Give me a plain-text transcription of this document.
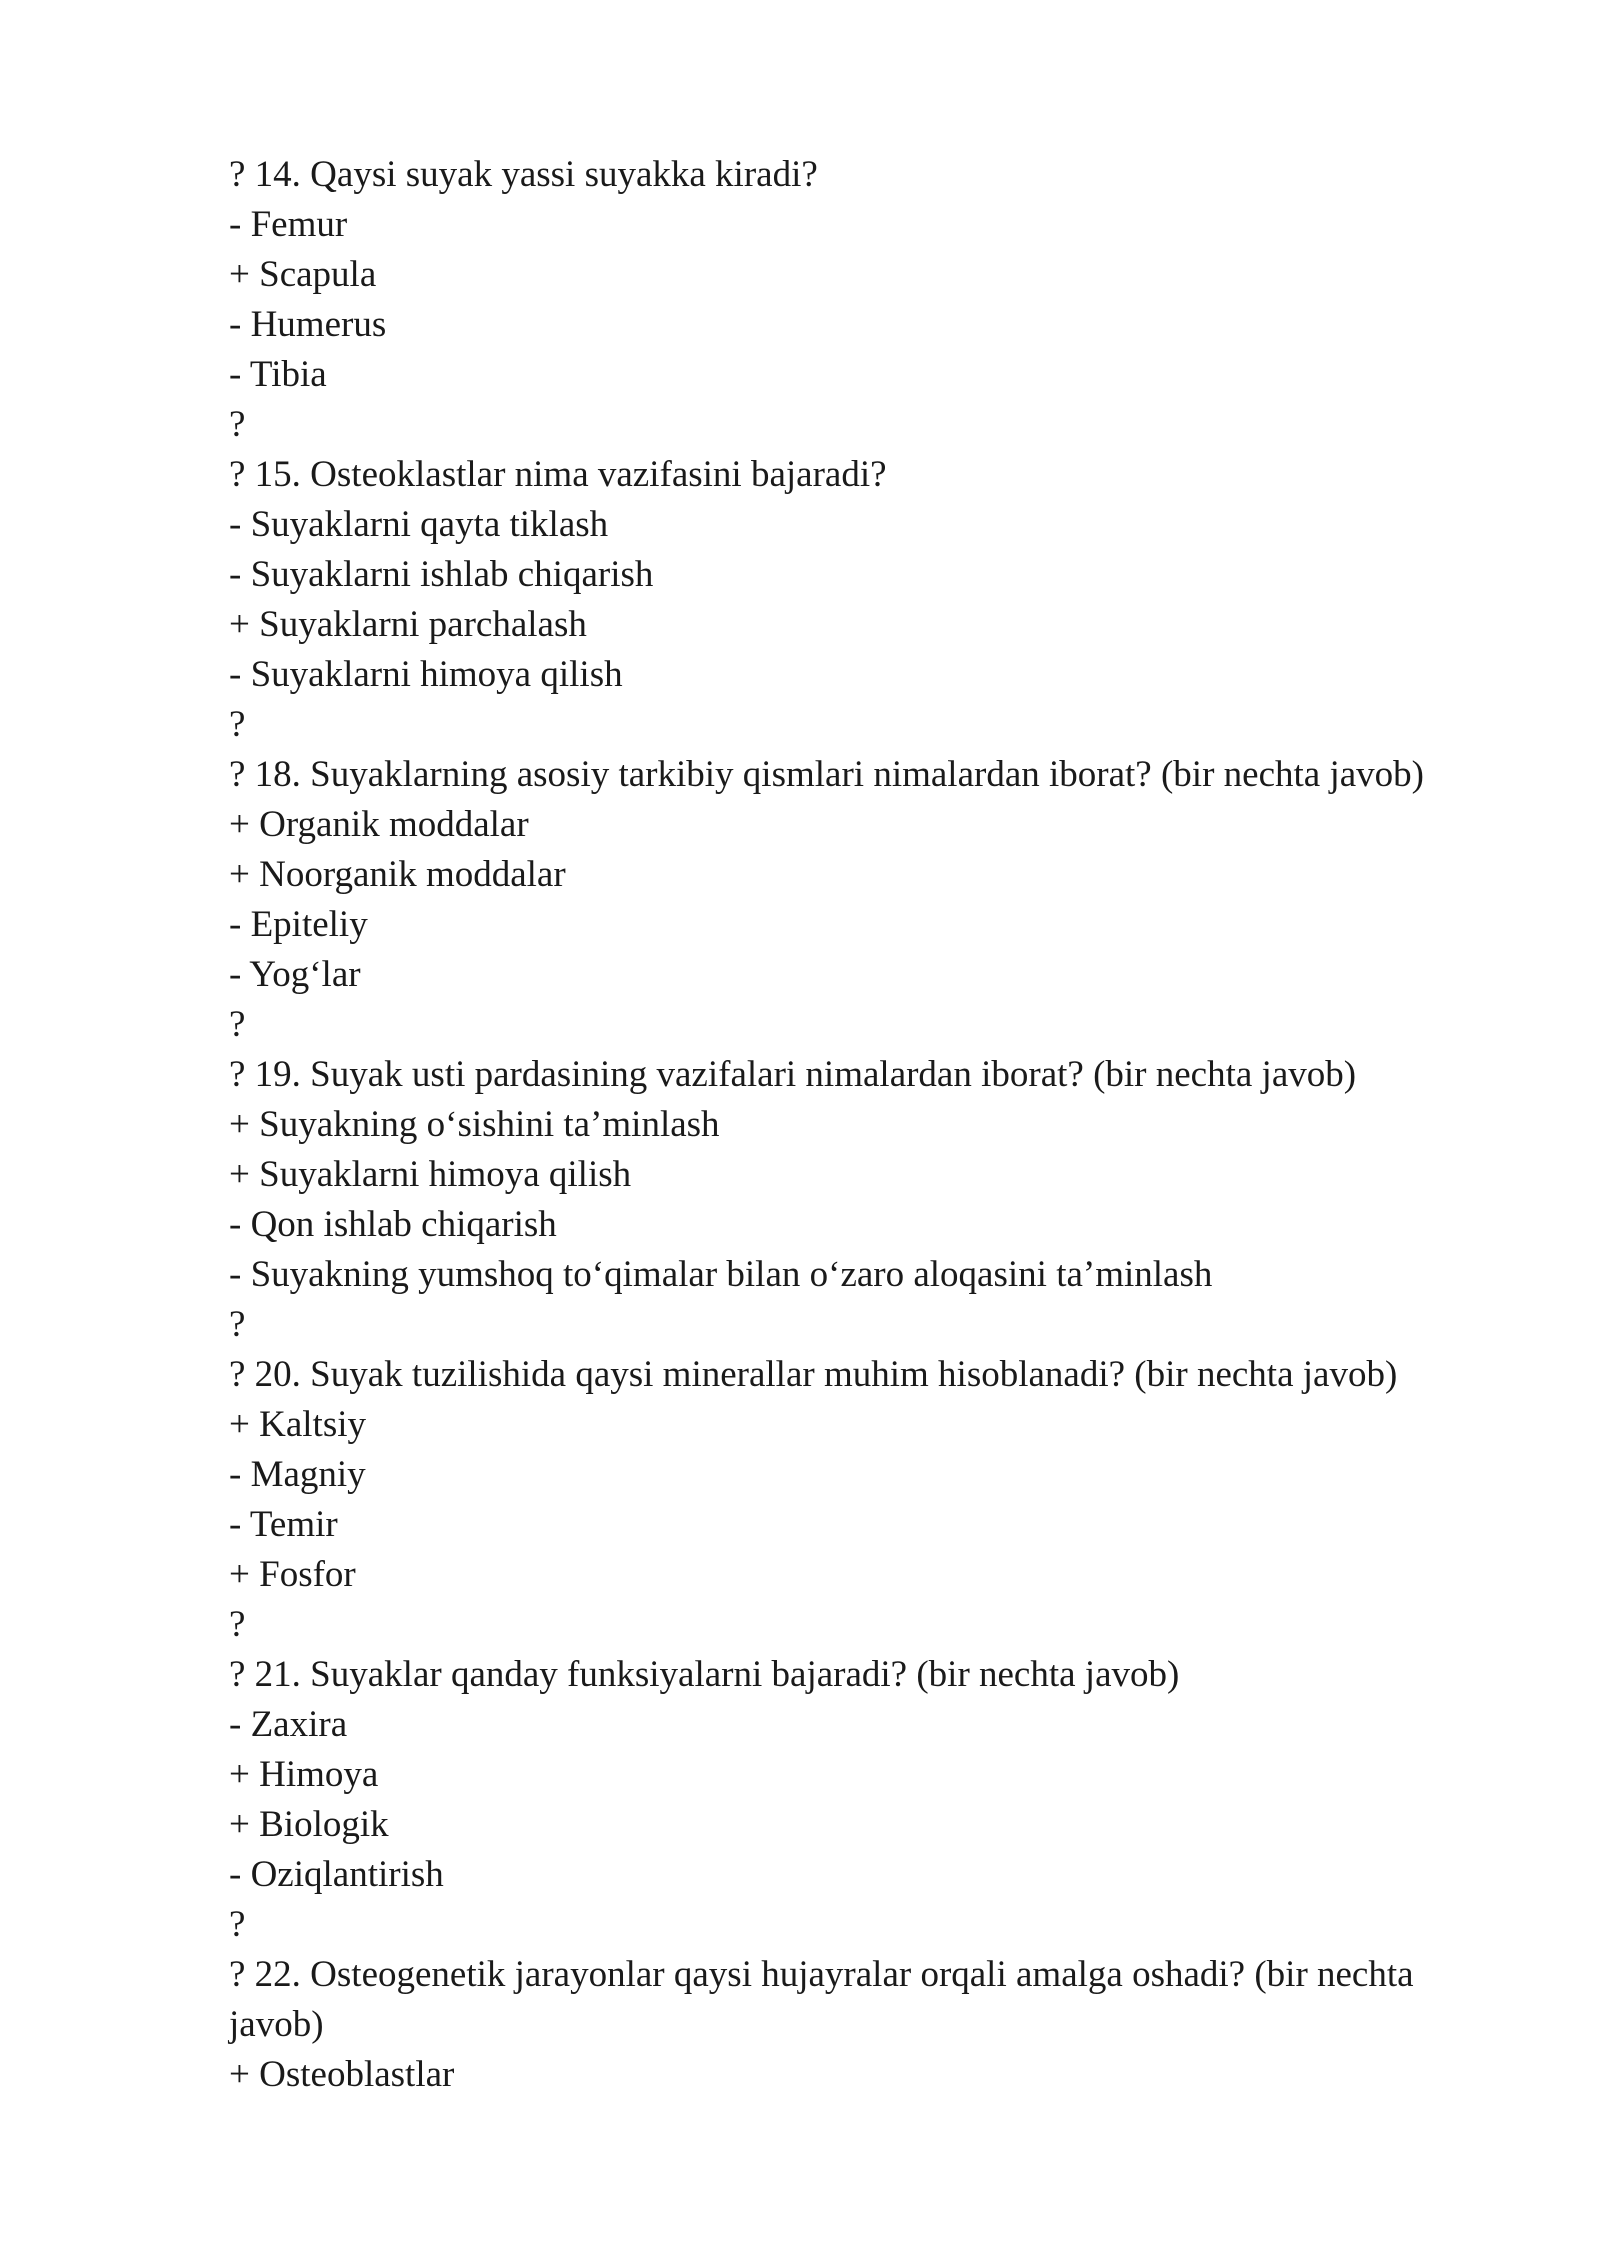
? 14. Qaysi suyak yassi suyakka kiradi?
- Femur
+ Scapula
- Humerus
- Tibia
?
? 15. Osteoklastlar nima vazifasini bajaradi?
- Suyaklarni qayta tiklash
- Suyaklarni ishlab chiqarish
+ Suyaklarni parchalash
- Suyaklarni himoya qilish
?
? 18. Suyaklarning asosiy tarkibiy qismlari nimalardan iborat? (bir nechta javob)
+ Organik moddalar
+ Noorganik moddalar
- Epiteliy
- Yog‘lar
?
? 19. Suyak usti pardasining vazifalari nimalardan iborat? (bir nechta javob)
+ Suyakning o‘sishini ta’minlash
+ Suyaklarni himoya qilish
- Qon ishlab chiqarish
- Suyakning yumshoq to‘qimalar bilan o‘zaro aloqasini ta’minlash
?
? 20. Suyak tuzilishida qaysi minerallar muhim hisoblanadi? (bir nechta javob)
+ Kaltsiy
- Magniy
- Temir
+ Fosfor
?
? 21. Suyaklar qanday funksiyalarni bajaradi? (bir nechta javob)
- Zaxira
+ Himoya
+ Biologik
- Oziqlantirish
?
? 22. Osteogenetik jarayonlar qaysi hujayralar orqali amalga oshadi? (bir nechta
javob)
+ Osteoblastlar
